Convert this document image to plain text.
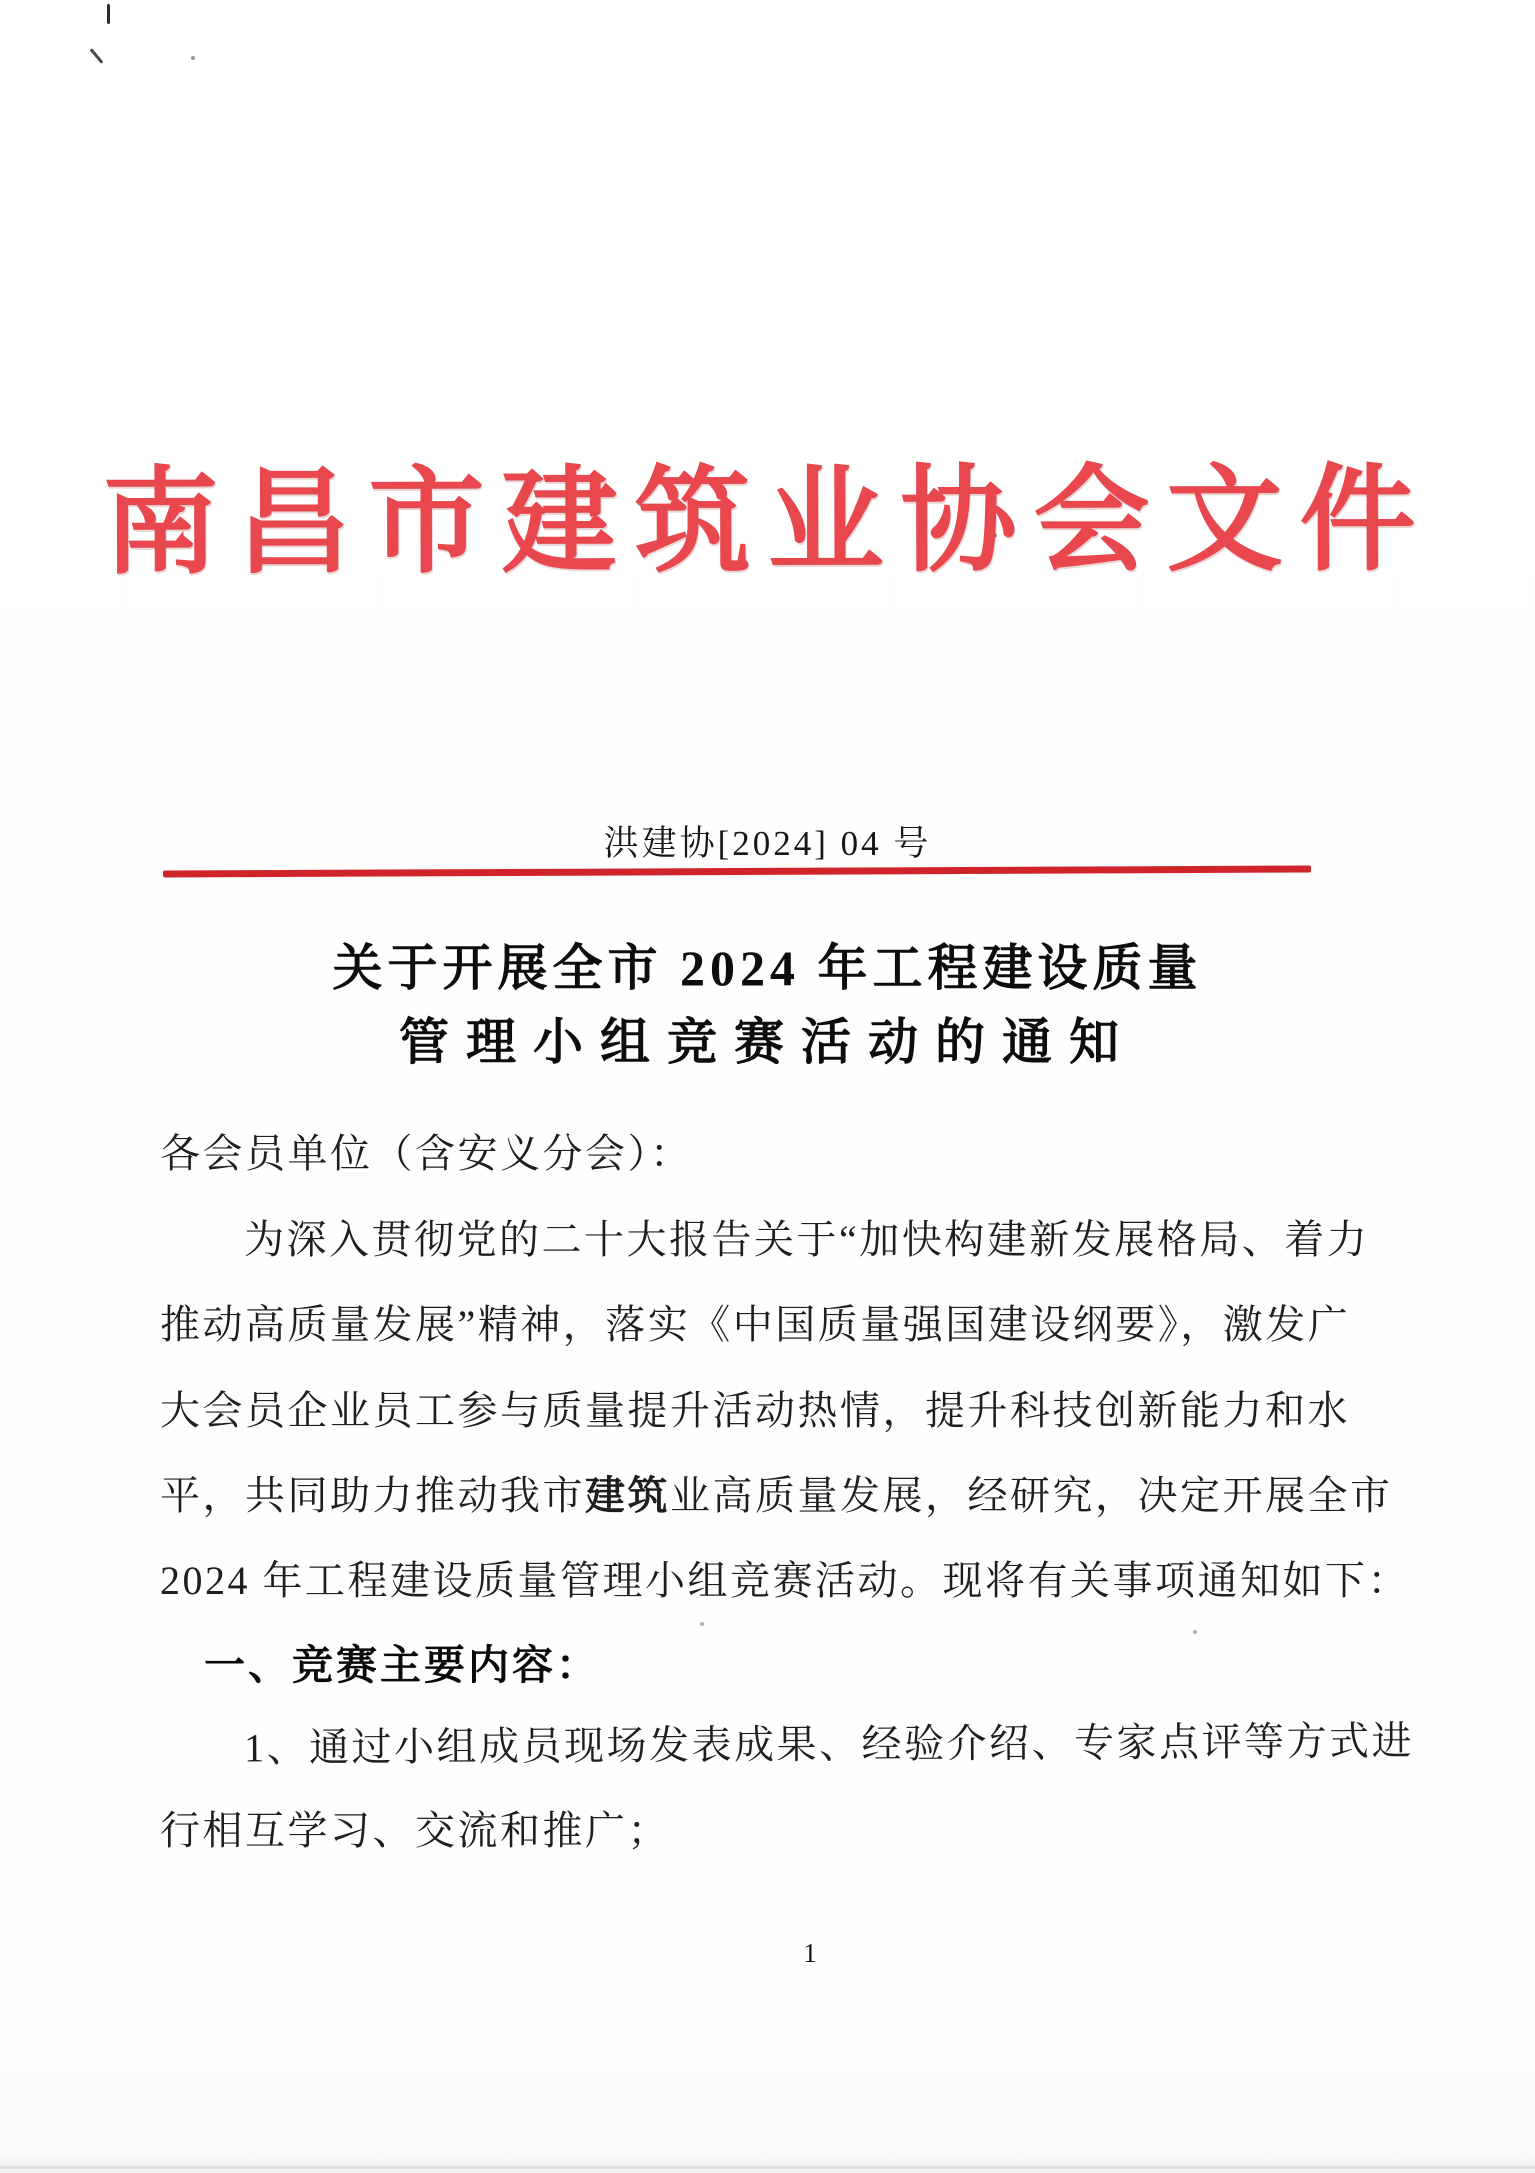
南昌市建筑业协会文件
洪建协[2024] 04 号
关于开展全市 2024 年工程建设质量
管理小组竞赛活动的通知
各会员单位（含安义分会）：
为深入贯彻党的二十大报告关于“加快构建新发展格局、着力
推动高质量发展”精神，落实《中国质量强国建设纲要》，激发广
大会员企业员工参与质量提升活动热情，提升科技创新能力和水
平，共同助力推动我市建筑业高质量发展，经研究，决定开展全市
2024 年工程建设质量管理小组竞赛活动。现将有关事项通知如下：
一、竞赛主要内容：
1、通过小组成员现场发表成果、经验介绍、专家点评等方式进
行相互学习、交流和推广；
1
